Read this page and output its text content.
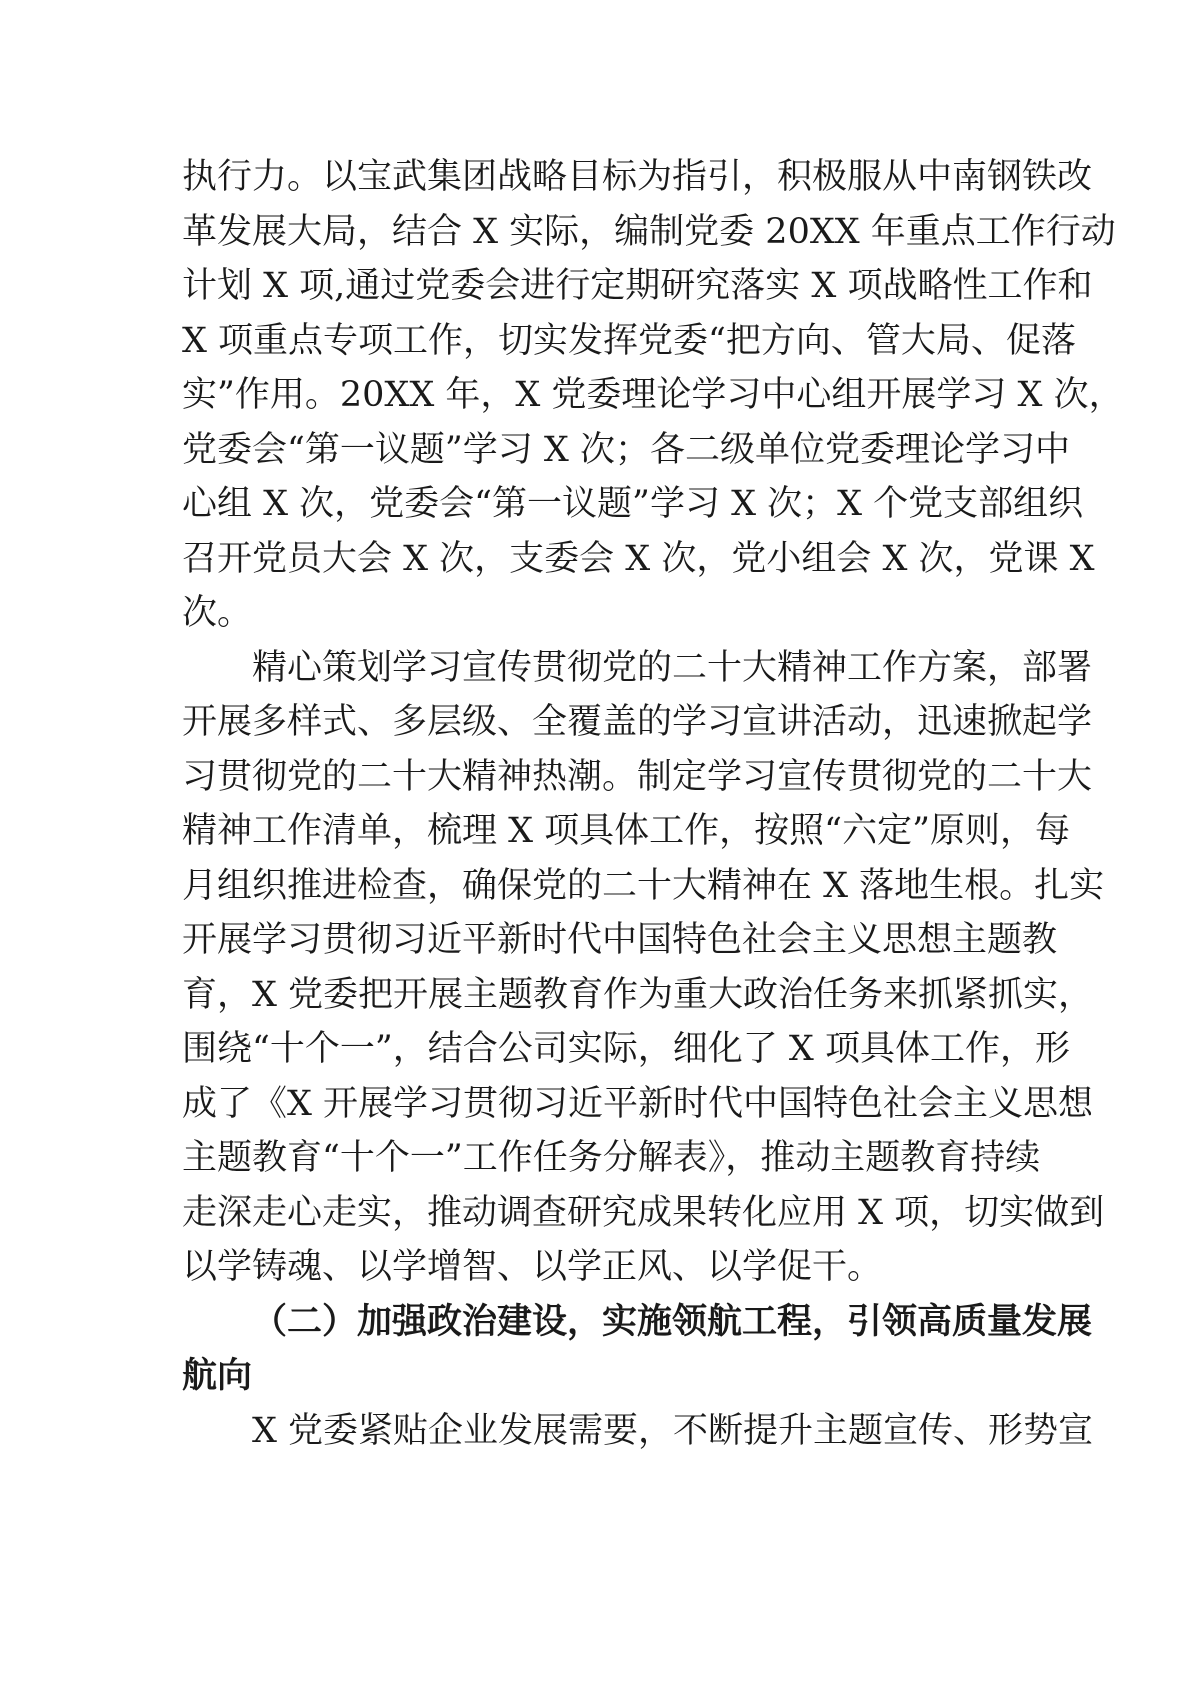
执行力。以宝武集团战略目标为指引，积极服从中南钢铁改
革发展大局，结合 X 实际，编制党委 20XX 年重点工作行动
计划 X 项,通过党委会进行定期研究落实 X 项战略性工作和
X 项重点专项工作，切实发挥党委“把方向、管大局、促落
实”作用。20XX 年，X 党委理论学习中心组开展学习 X 次，
党委会“第一议题”学习 X 次；各二级单位党委理论学习中
心组 X 次，党委会“第一议题”学习 X 次；X 个党支部组织
召开党员大会 X 次，支委会 X 次，党小组会 X 次，党课 X
次。
精心策划学习宣传贯彻党的二十大精神工作方案，部署
开展多样式、多层级、全覆盖的学习宣讲活动，迅速掀起学
习贯彻党的二十大精神热潮。制定学习宣传贯彻党的二十大
精神工作清单，梳理 X 项具体工作，按照“六定”原则，每
月组织推进检查，确保党的二十大精神在 X 落地生根。扎实
开展学习贯彻习近平新时代中国特色社会主义思想主题教
育，X 党委把开展主题教育作为重大政治任务来抓紧抓实，
围绕“十个一”，结合公司实际，细化了 X 项具体工作，形
成了《X 开展学习贯彻习近平新时代中国特色社会主义思想
主题教育“十个一”工作任务分解表》，推动主题教育持续
走深走心走实，推动调查研究成果转化应用 X 项，切实做到
以学铸魂、以学增智、以学正风、以学促干。
（二）加强政治建设，实施领航工程，引领高质量发展
航向
X 党委紧贴企业发展需要，不断提升主题宣传、形势宣
